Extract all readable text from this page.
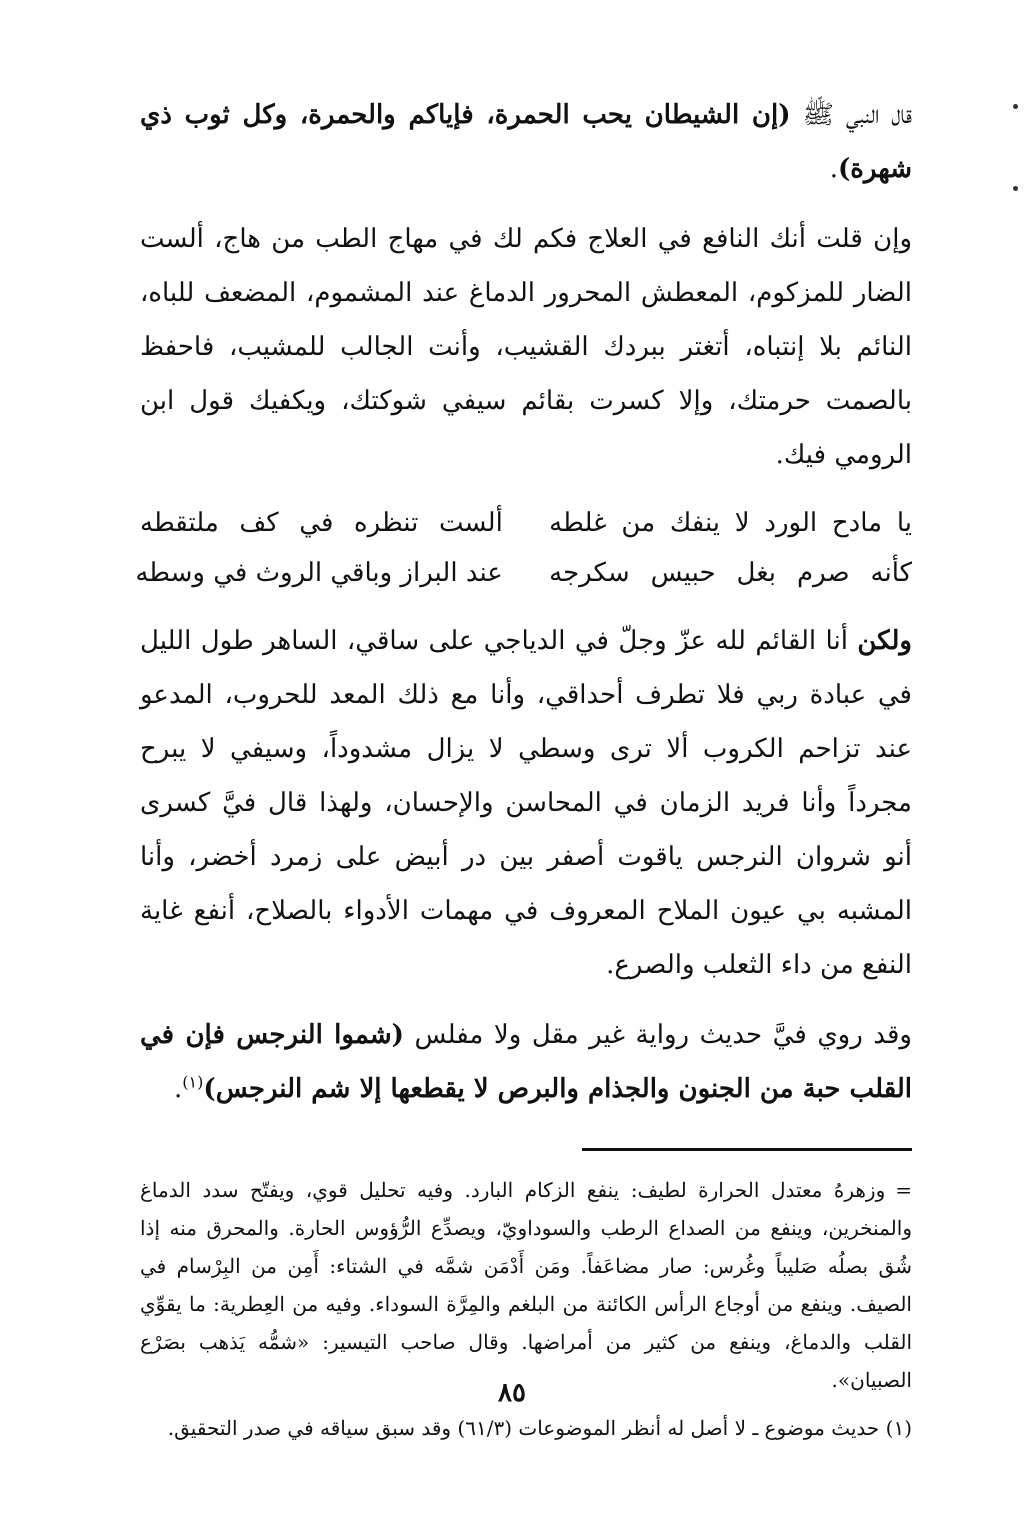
قال النبي ﷺ (إن الشيطان يحب الحمرة، فإياكم والحمرة، وكل ثوب ذي شهرة).

وإن قلت أنك النافع في العلاج فكم لك في مهاج الطب من هاج، ألست الضار للمزكوم، المعطش المحرور الدماغ عند المشموم، المضعف للباه، النائم بلا إنتباه، أتغتر ببردك القشيب، وأنت الجالب للمشيب، فاحفظ بالصمت حرمتك، وإلا كسرت بقائم سيفي شوكتك، ويكفيك قول ابن الرومي فيك.

يا مادح الورد لا ينفك من غلطه
ألست تنظره في كف ملتقطه
كأنه صرم بغل حبيس سكرجه
عند البراز وباقي الروث في وسطه

ولكن أنا القائم لله عزّ وجلّ في الدياجي على ساقي، الساهر طول الليل في عبادة ربي فلا تطرف أحداقي، وأنا مع ذلك المعد للحروب، المدعو عند تزاحم الكروب ألا ترى وسطي لا يزال مشدوداً، وسيفي لا يبرح مجرداً وأنا فريد الزمان في المحاسن والإحسان، ولهذا قال فيَّ كسرى أنو شروان النرجس ياقوت أصفر بين در أبيض على زمرد أخضر، وأنا المشبه بي عيون الملاح المعروف في مهمات الأدواء بالصلاح، أنفع غاية النفع من داء الثعلب والصرع.

وقد روي فيَّ حديث رواية غير مقل ولا مفلس (شموا النرجس فإن في القلب حبة من الجنون والجذام والبرص لا يقطعها إلا شم النرجس)$^{(١)}$.

=وزهرهُ معتدل الحرارة لطيف: ينفع الزكام البارد. وفيه تحليل قوي، ويفتّح سدد الدماغ والمنخرين، وينفع من الصداع الرطب والسوداويّ، ويصدِّع الرُّؤوس الحارة. والمحرق منه إذا شُق بصلُه صَليباً وغُرس: صار مضاعَفاً. ومَن أَدْمَن شمَّه في الشتاء: أَمِن من البِرْسام في الصيف. وينفع من أوجاع الرأس الكائنة من البلغم والمِرَّة السوداء. وفيه من العِطرية: ما يقوِّي القلب والدماغ، وينفع من كثير من أمراضها. وقال صاحب التيسير: «شمُّه يَذهب بصَرْع الصبيان».

(١) حديث موضوع ـ لا أصل له أنظر الموضوعات (٦١/٣) وقد سبق سياقه في صدر التحقيق.

٨٥
